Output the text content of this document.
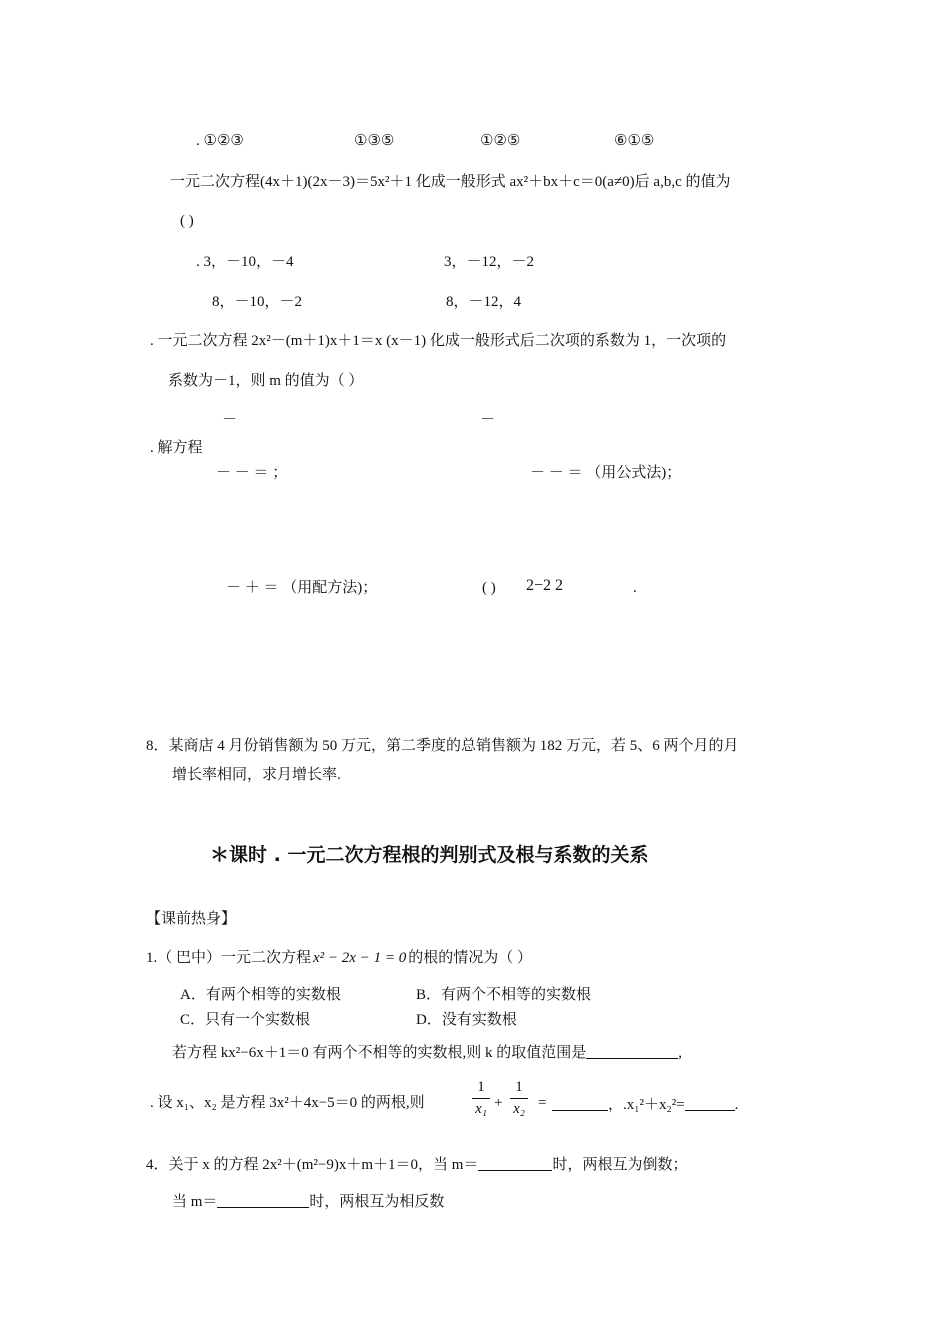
. ①②③	①③⑤	①②⑤	⑥①⑤
一元二次方程(4x＋1)(2x－3)＝5x²＋1 化成一般形式 ax²＋bx＋c＝0(a≠0)后 a,b,c 的值为
( )
. 3，－10，－4	3，－12，－2
8，－10，－2	8，－12，4
. 一元二次方程 2x²－(m＋1)x＋1＝x (x－1) 化成一般形式后二次项的系数为 1，一次项的
系数为－1，则 m 的值为（ ）
－	－
. 解方程
－ － ＝ ；	－ － ＝ （用公式法)；
－ ＋ ＝ （用配方法)；	( ) 2−2 2	.
8．某商店 4 月份销售额为 50 万元，第二季度的总销售额为 182 万元，若 5、6 两个月的月
增长率相同，求月增长率.
＊课时 . 一元二次方程根的判别式及根与系数的关系
【课前热身】
1.（ 巴中）一元二次方程 x² − 2x − 1 = 0 的根的情况为（ ）
A．有两个相等的实数根	B．有两个不相等的实数根
C．只有一个实数根	D．没有实数根
若方程 kx²−6x＋1＝0 有两个不相等的实数根,则 k 的取值范围是	,
. 设 x₁、x₂ 是方程 3x²＋4x−5＝0 的两根,则
1
x₁ +
1
x₂ =	，.x₁²＋x₂²=	.
4．关于 x 的方程 2x²＋(m²−9)x＋m＋1＝0，当 m＝	时，两根互为倒数；
当 m＝	时，两根互为相反数
